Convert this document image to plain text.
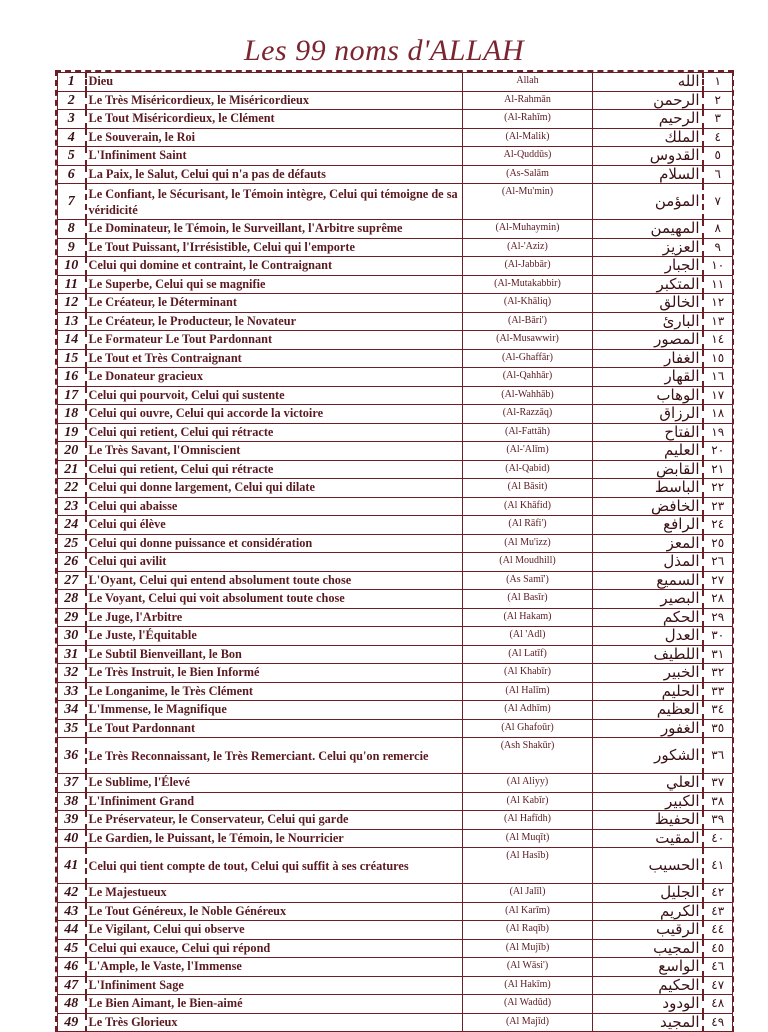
Les 99 noms d'ALLAH
1	Dieu	Allah	الله	١
2	Le Très Miséricordieux, le Miséricordieux	Al-Rahmān	الرحمن	٢
3	Le Tout Miséricordieux, le Clément	(Al-Rahīm)	الرحيم	٣
4	Le Souverain, le Roi	(Al-Malik)	الملك	٤
5	L'Infiniment Saint	Al-Quddūs)	القدوس	٥
6	La Paix, le Salut, Celui qui n'a pas de défauts	(As-Salām	السلام	٦
7	Le Confiant, le Sécurisant, le Témoin intègre, Celui qui témoigne de sa véridicité	(Al-Mu'min)	المؤمن	٧
8	Le Dominateur, le Témoin, le Surveillant, l'Arbitre suprême	(Al-Muhaymin)	المهيمن	٨
9	Le Tout Puissant, l'Irrésistible, Celui qui l'emporte	(Al-'Aziz)	العزيز	٩
10	Celui qui domine et contraint, le Contraignant	(Al-Jabbār)	الجبار	١٠
11	Le Superbe, Celui qui se magnifie	(Al-Mutakabbir)	المتكبر	١١
12	Le Créateur, le Déterminant	(Al-Khāliq)	الخالق	١٢
13	Le Créateur, le Producteur, le Novateur	(Al-Bāri')	البارئ	١٣
14	Le Formateur Le Tout Pardonnant	(Al-Musawwir)	المصور	١٤
15	Le Tout et Très Contraignant	(Al-Ghaffār)	الغفار	١٥
16	Le Donateur gracieux	(Al-Qahhār)	القهار	١٦
17	Celui qui pourvoit, Celui qui sustente	(Al-Wahhāb)	الوهاب	١٧
18	Celui qui ouvre, Celui qui accorde la victoire	(Al-Razzāq)	الرزاق	١٨
19	Celui qui retient, Celui qui rétracte	(Al-Fattāh)	الفتاح	١٩
20	Le Très Savant, l'Omniscient	(Al-'Alīm)	العليم	٢٠
21	Celui qui retient, Celui qui rétracte	(Al-Qabid)	القابض	٢١
22	Celui qui donne largement, Celui qui dilate	(Al Bāsit)	الباسط	٢٢
23	Celui qui abaisse	(Al Khāfid)	الخافض	٢٣
24	Celui qui élève	(Al Rāfi')	الرافع	٢٤
25	Celui qui donne puissance et considération	(Al Mu'izz)	المعز	٢٥
26	Celui qui avilit	(Al Moudhill)	المذل	٢٦
27	L'Oyant, Celui qui entend absolument toute chose	(As Samī')	السميع	٢٧
28	Le Voyant, Celui qui voit absolument toute chose	(Al Basīr)	البصير	٢٨
29	Le Juge, l'Arbitre	(Al Hakam)	الحكم	٢٩
30	Le Juste, l'Équitable	(Al 'Adl)	العدل	٣٠
31	Le Subtil Bienveillant, le Bon	(Al Latīf)	اللطيف	٣١
32	Le Très Instruit, le Bien Informé	(Al Khabīr)	الخبير	٣٢
33	Le Longanime, le Très Clément	(Al Halīm)	الحليم	٣٣
34	L'Immense, le Magnifique	(Al Adhīm)	العظيم	٣٤
35	Le Tout Pardonnant	(Al Ghafoūr)	الغفور	٣٥
36	Le Très Reconnaissant, le Très Remerciant. Celui qu'on remercie	(Ash Shakūr)	الشكور	٣٦
37	Le Sublime, l'Élevé	(Al Aliyy)	العلي	٣٧
38	L'Infiniment Grand	(Al Kabīr)	الكبير	٣٨
39	Le Préservateur, le Conservateur, Celui qui garde	(Al Hafīdh)	الحفيظ	٣٩
40	Le Gardien, le Puissant, le Témoin, le Nourricier	(Al Muqīt)	المقيت	٤٠
41	Celui qui tient compte de tout, Celui qui suffit à ses créatures	(Al Hasīb)	الحسيب	٤١
42	Le Majestueux	(Al Jalīl)	الجليل	٤٢
43	Le Tout Généreux, le Noble Généreux	(Al Karīm)	الكريم	٤٣
44	Le Vigilant, Celui qui observe	(Al Raqīb)	الرقيب	٤٤
45	Celui qui exauce, Celui qui répond	(Al Mujīb)	المجيب	٤٥
46	L'Ample, le Vaste, l'Immense	(Al Wāsi')	الواسع	٤٦
47	L'Infiniment Sage	(Al Hakīm)	الحكيم	٤٧
48	Le Bien Aimant, le Bien-aimé	(Al Wadūd)	الودود	٤٨
49	Le Très Glorieux	(Al Majīd)	المجيد	٤٩
